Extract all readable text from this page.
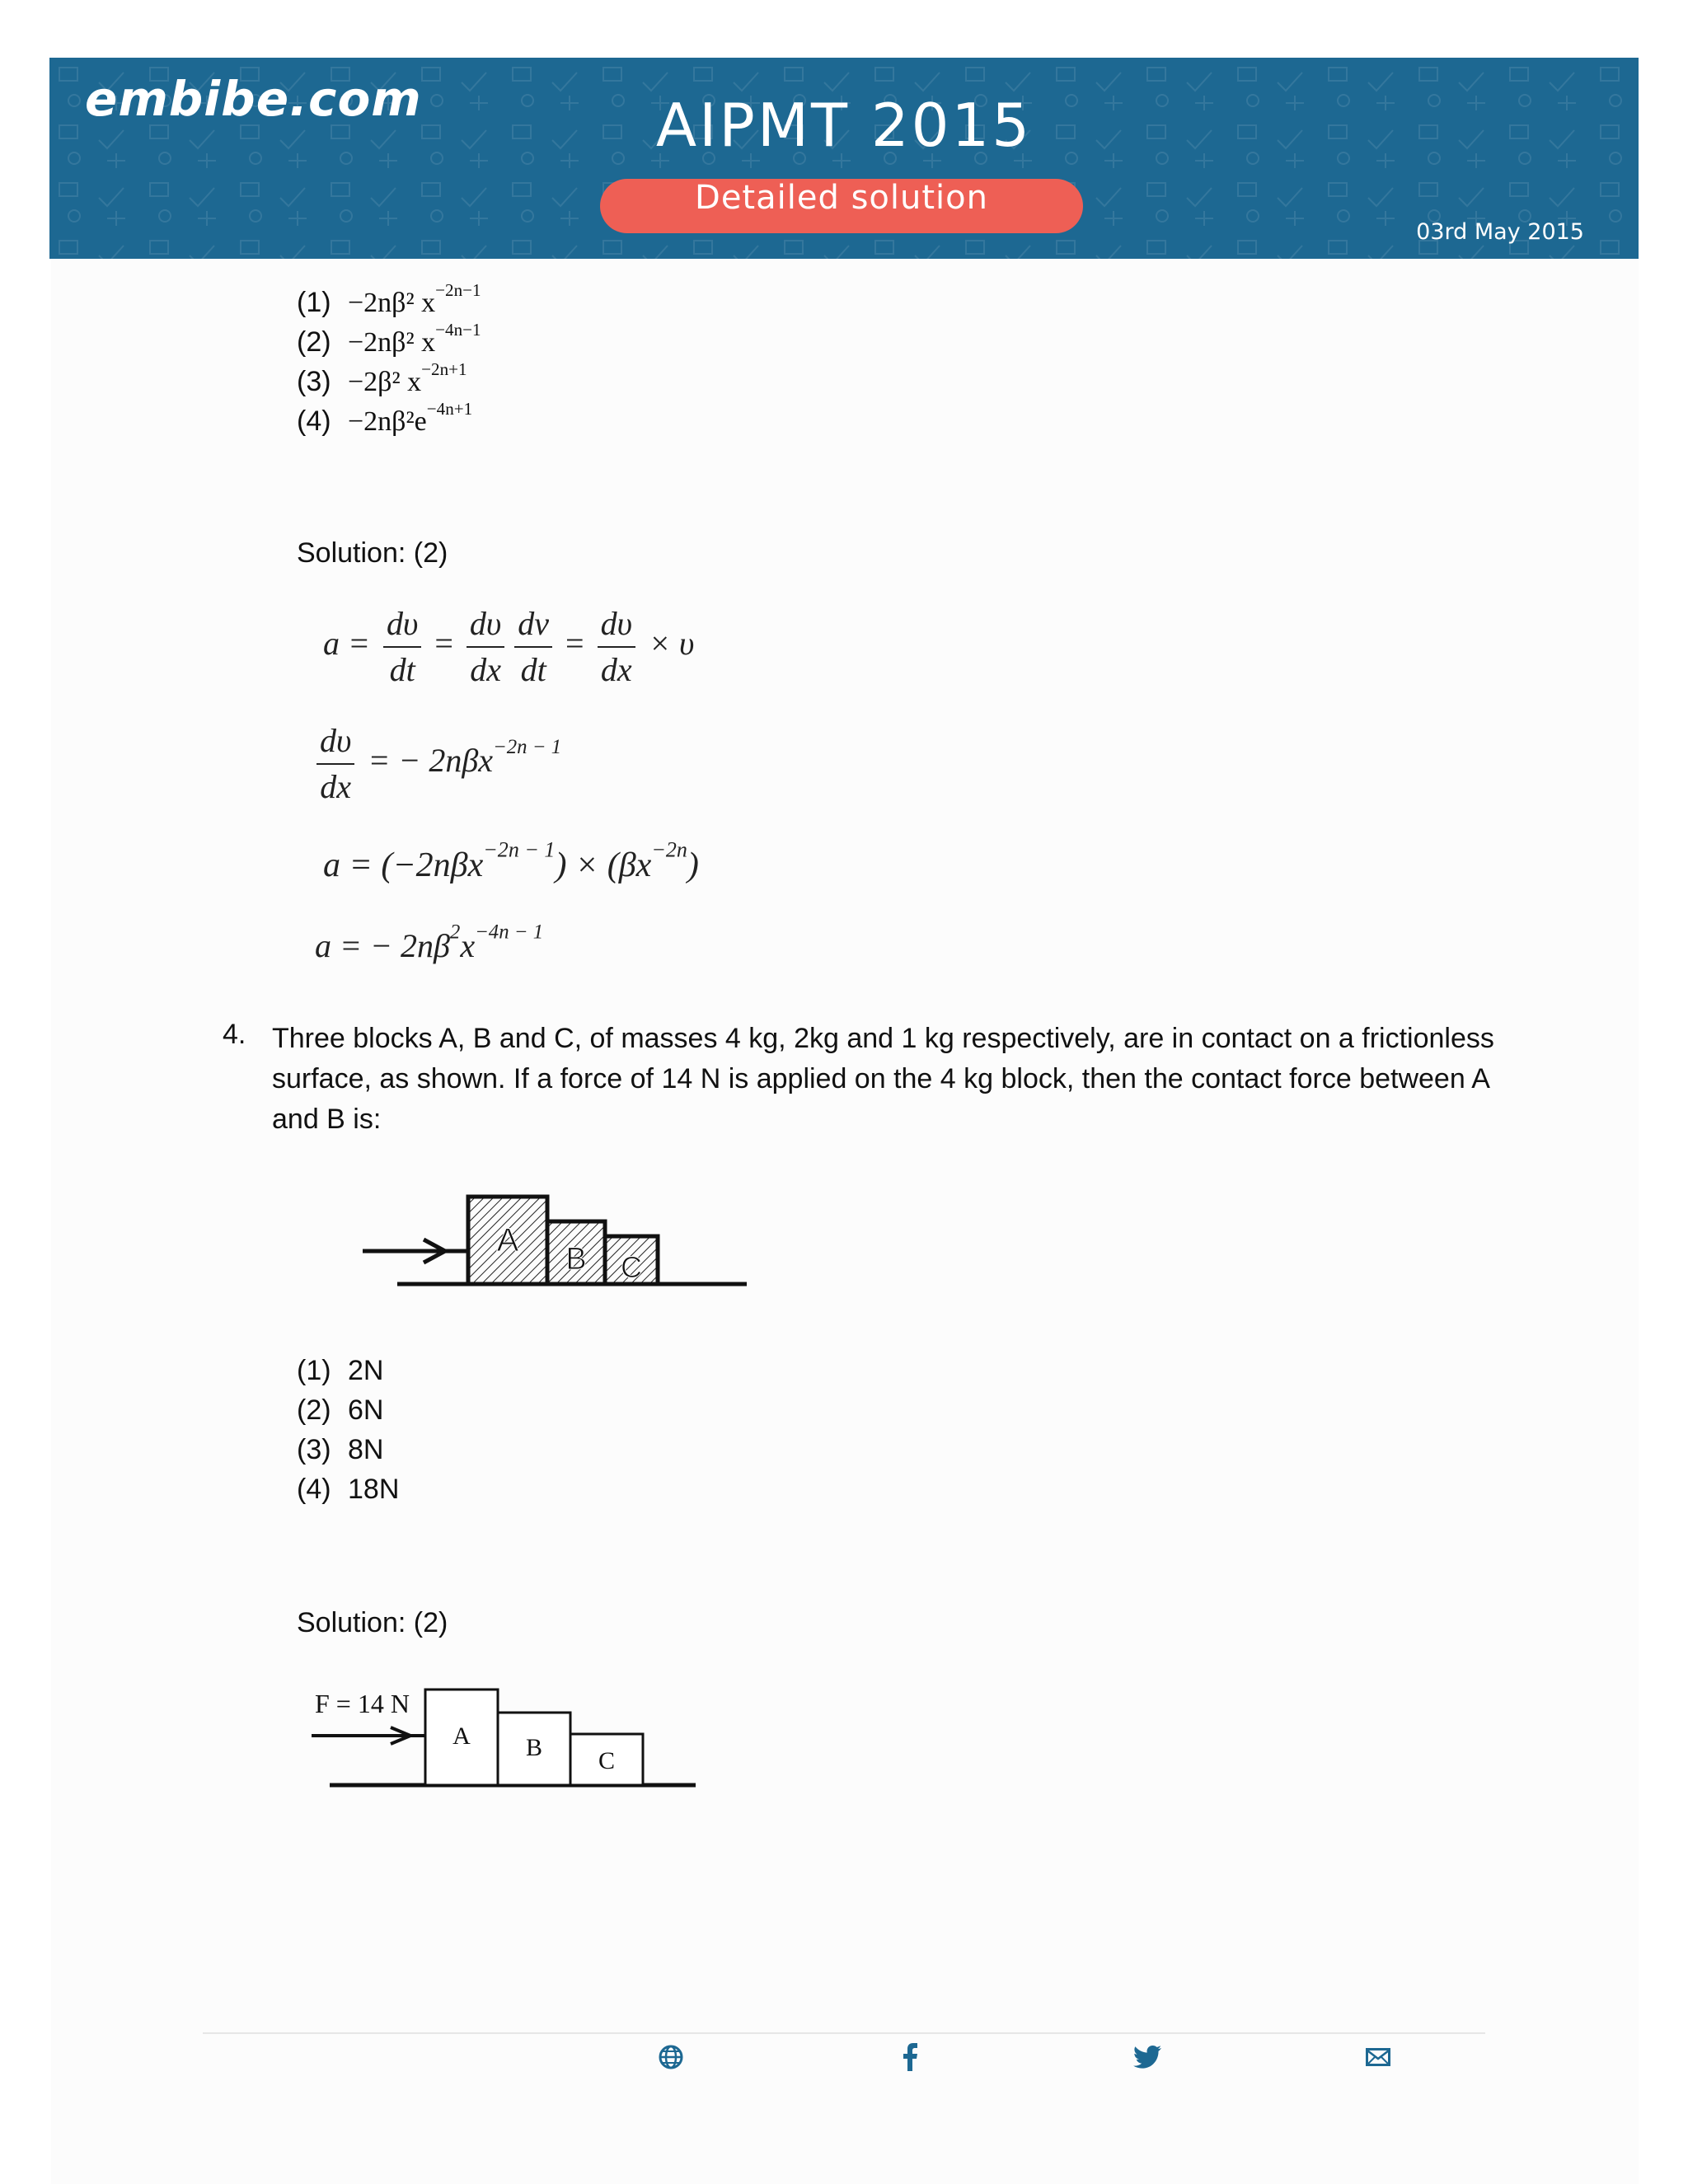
embibe.com	AIPMT 2015
Detailed solution
03rd May 2015
(1) −2nβ² $x^{-2n-1}$
(2) −2nβ² $x^{-4n-1}$
(3) −2β² $x^{-2n+1}$
$(4) -2n\beta^2e^{-4n+1}$
Solution: (2)
$a = \frac{d\upsilon}{dt} = \frac{d\upsilon}{dx} \frac{dv}{dt} = \frac{d\upsilon}{dx} \times \upsilon$
$\frac{d\upsilon}{dx}$ = − 2nβx$^{-2n - 1}$
$a = (-2n\beta x^{-2n - 1}) \times (\beta x^{-2n})$
a = − $2n\beta^2x^{-4n - 1}$
4. Three blocks A, B and C, of masses 4 kg, 2kg and 1 kg respectively, are in contact on a frictionless surface, as shown. If a force of 14 N is applied on the 4 kg block, then the contact force between A and B is:
A
B C
(1) 2N
(2) 6N
(3) 8N
(4) 18N
Solution: (2)
F = 14 N
A B C
